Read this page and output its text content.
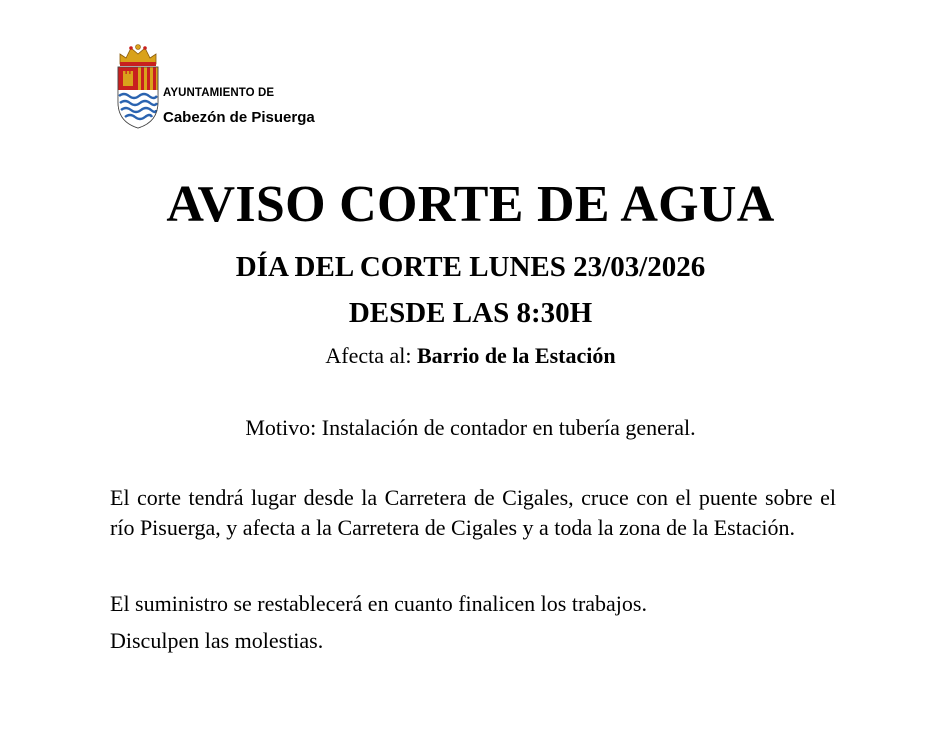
AYUNTAMIENTO DE
Cabezón de Pisuerga
AVISO CORTE DE AGUA
DÍA DEL CORTE LUNES 23/03/2026
DESDE LAS 8:30H
Afecta al: Barrio de la Estación
Motivo: Instalación de contador en tubería general.
El corte tendrá lugar desde la Carretera de Cigales, cruce con el puente sobre el río Pisuerga, y afecta a la Carretera de Cigales y a toda la zona de la Estación.
El suministro se restablecerá en cuanto finalicen los trabajos.
Disculpen las molestias.
